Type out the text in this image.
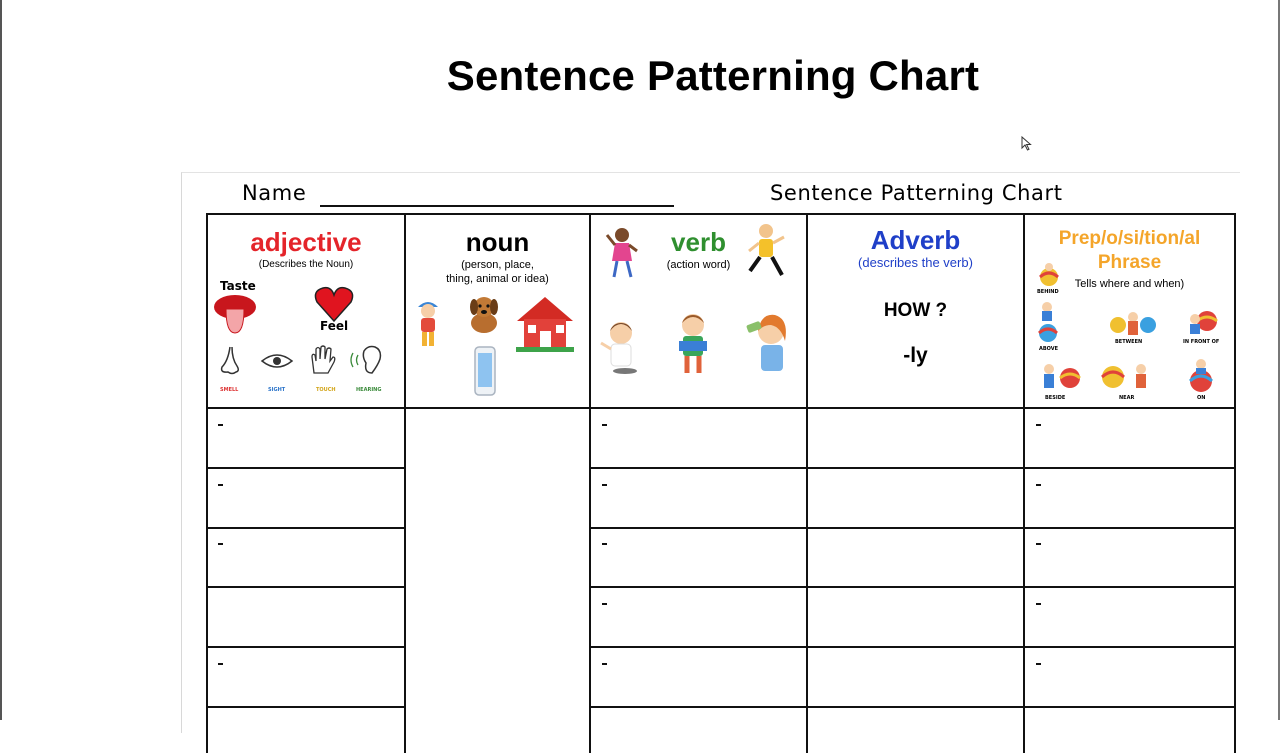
Sentence Patterning Chart
Name	Sentence Patterning Chart
adjective
(Describes the Noun)
Taste
Feel
SMELL	SIGHT	TOUCH	HEARING
noun
(person, place,
thing, animal or idea)
verb
(action word)
Adverb
(describes the verb)
HOW ?
-ly
Prep/o/si/tion/al
Phrase
Tells where and when)
BEHIND
ABOVE
BETWEEN	IN FRONT OF
BESIDE	NEAR	ON
